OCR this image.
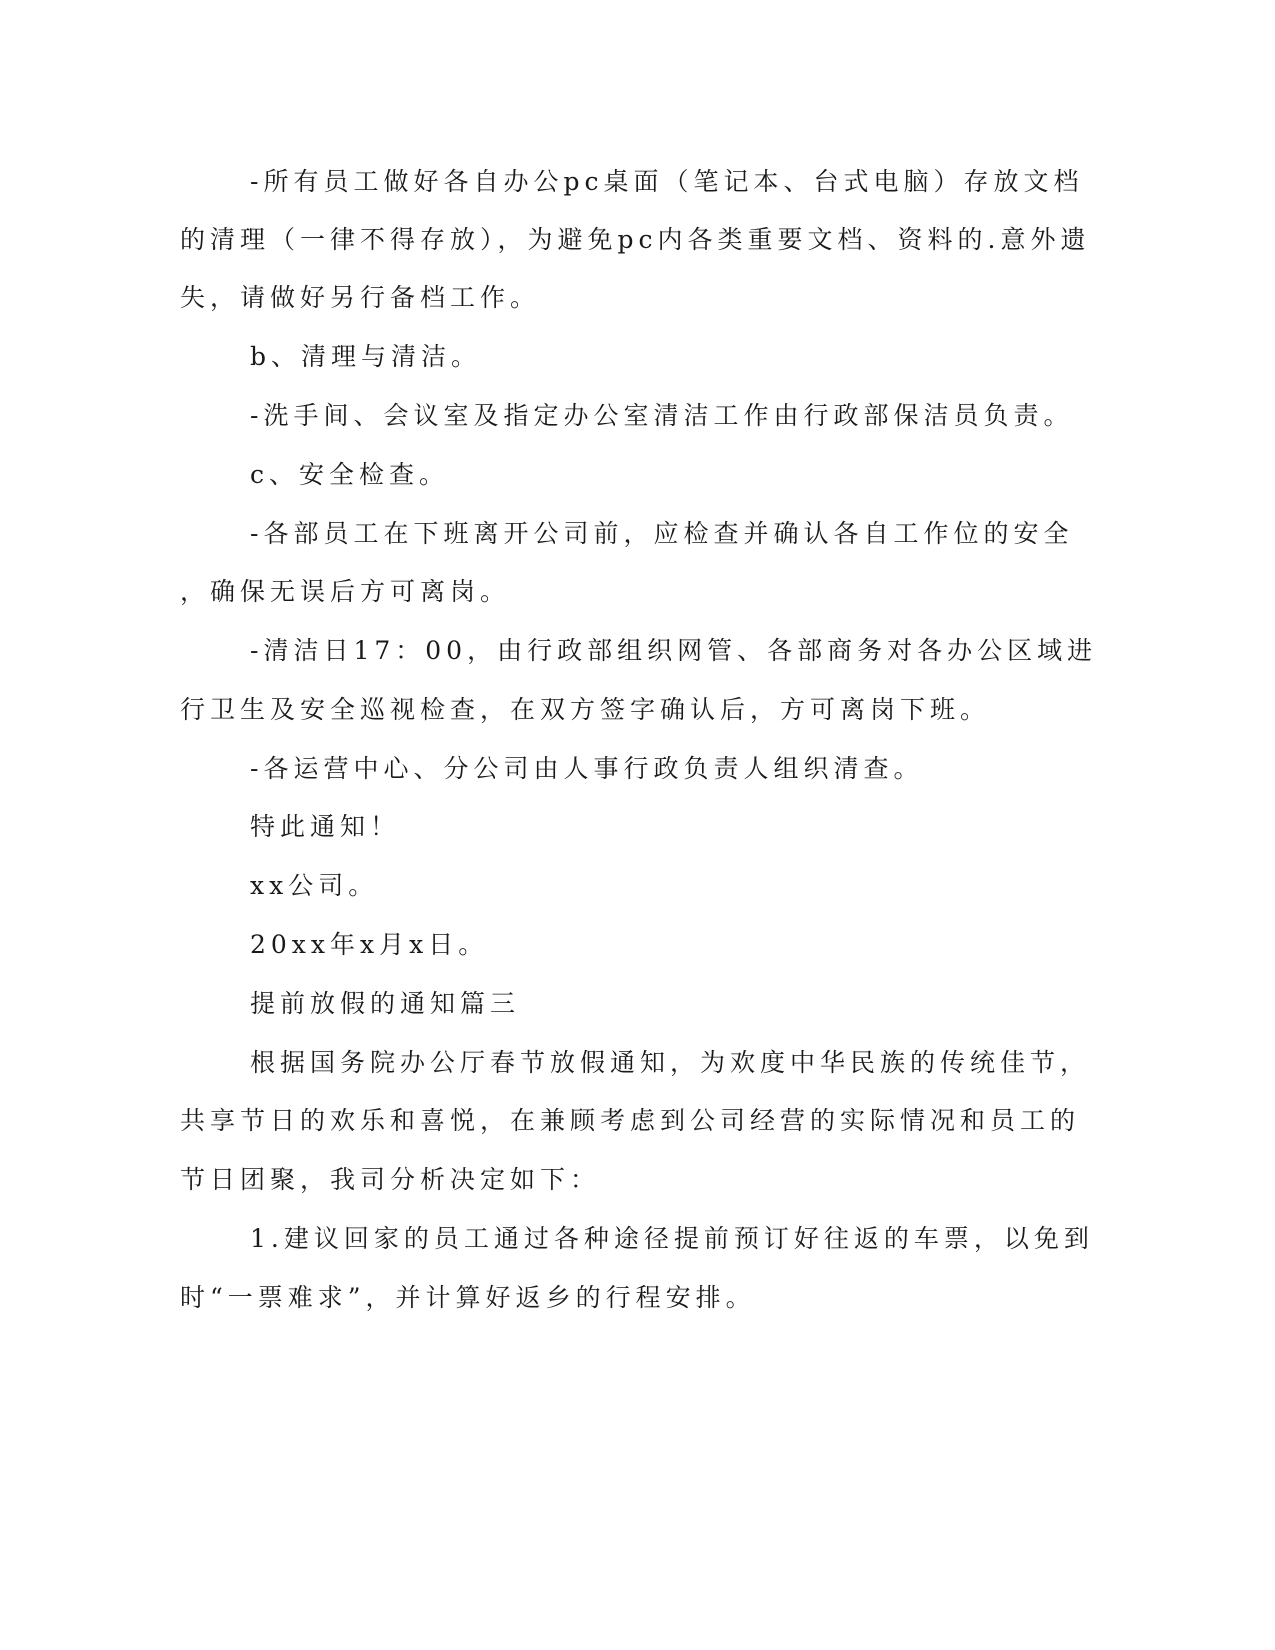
-所有员工做好各自办公pc桌面（笔记本、台式电脑）存放文档
的清理（一律不得存放），为避免pc内各类重要文档、资料的.意外遗
失，请做好另行备档工作。
b、清理与清洁。
-洗手间、会议室及指定办公室清洁工作由行政部保洁员负责。
c、安全检查。
-各部员工在下班离开公司前，应检查并确认各自工作位的安全
，确保无误后方可离岗。
-清洁日17：00，由行政部组织网管、各部商务对各办公区域进
行卫生及安全巡视检查，在双方签字确认后，方可离岗下班。
-各运营中心、分公司由人事行政负责人组织清查。
特此通知！
xx公司。
20xx年x月x日。
提前放假的通知篇三
根据国务院办公厅春节放假通知，为欢度中华民族的传统佳节，
共享节日的欢乐和喜悦，在兼顾考虑到公司经营的实际情况和员工的
节日团聚，我司分析决定如下：
1.建议回家的员工通过各种途径提前预订好往返的车票，以免到
时“一票难求”，并计算好返乡的行程安排。
